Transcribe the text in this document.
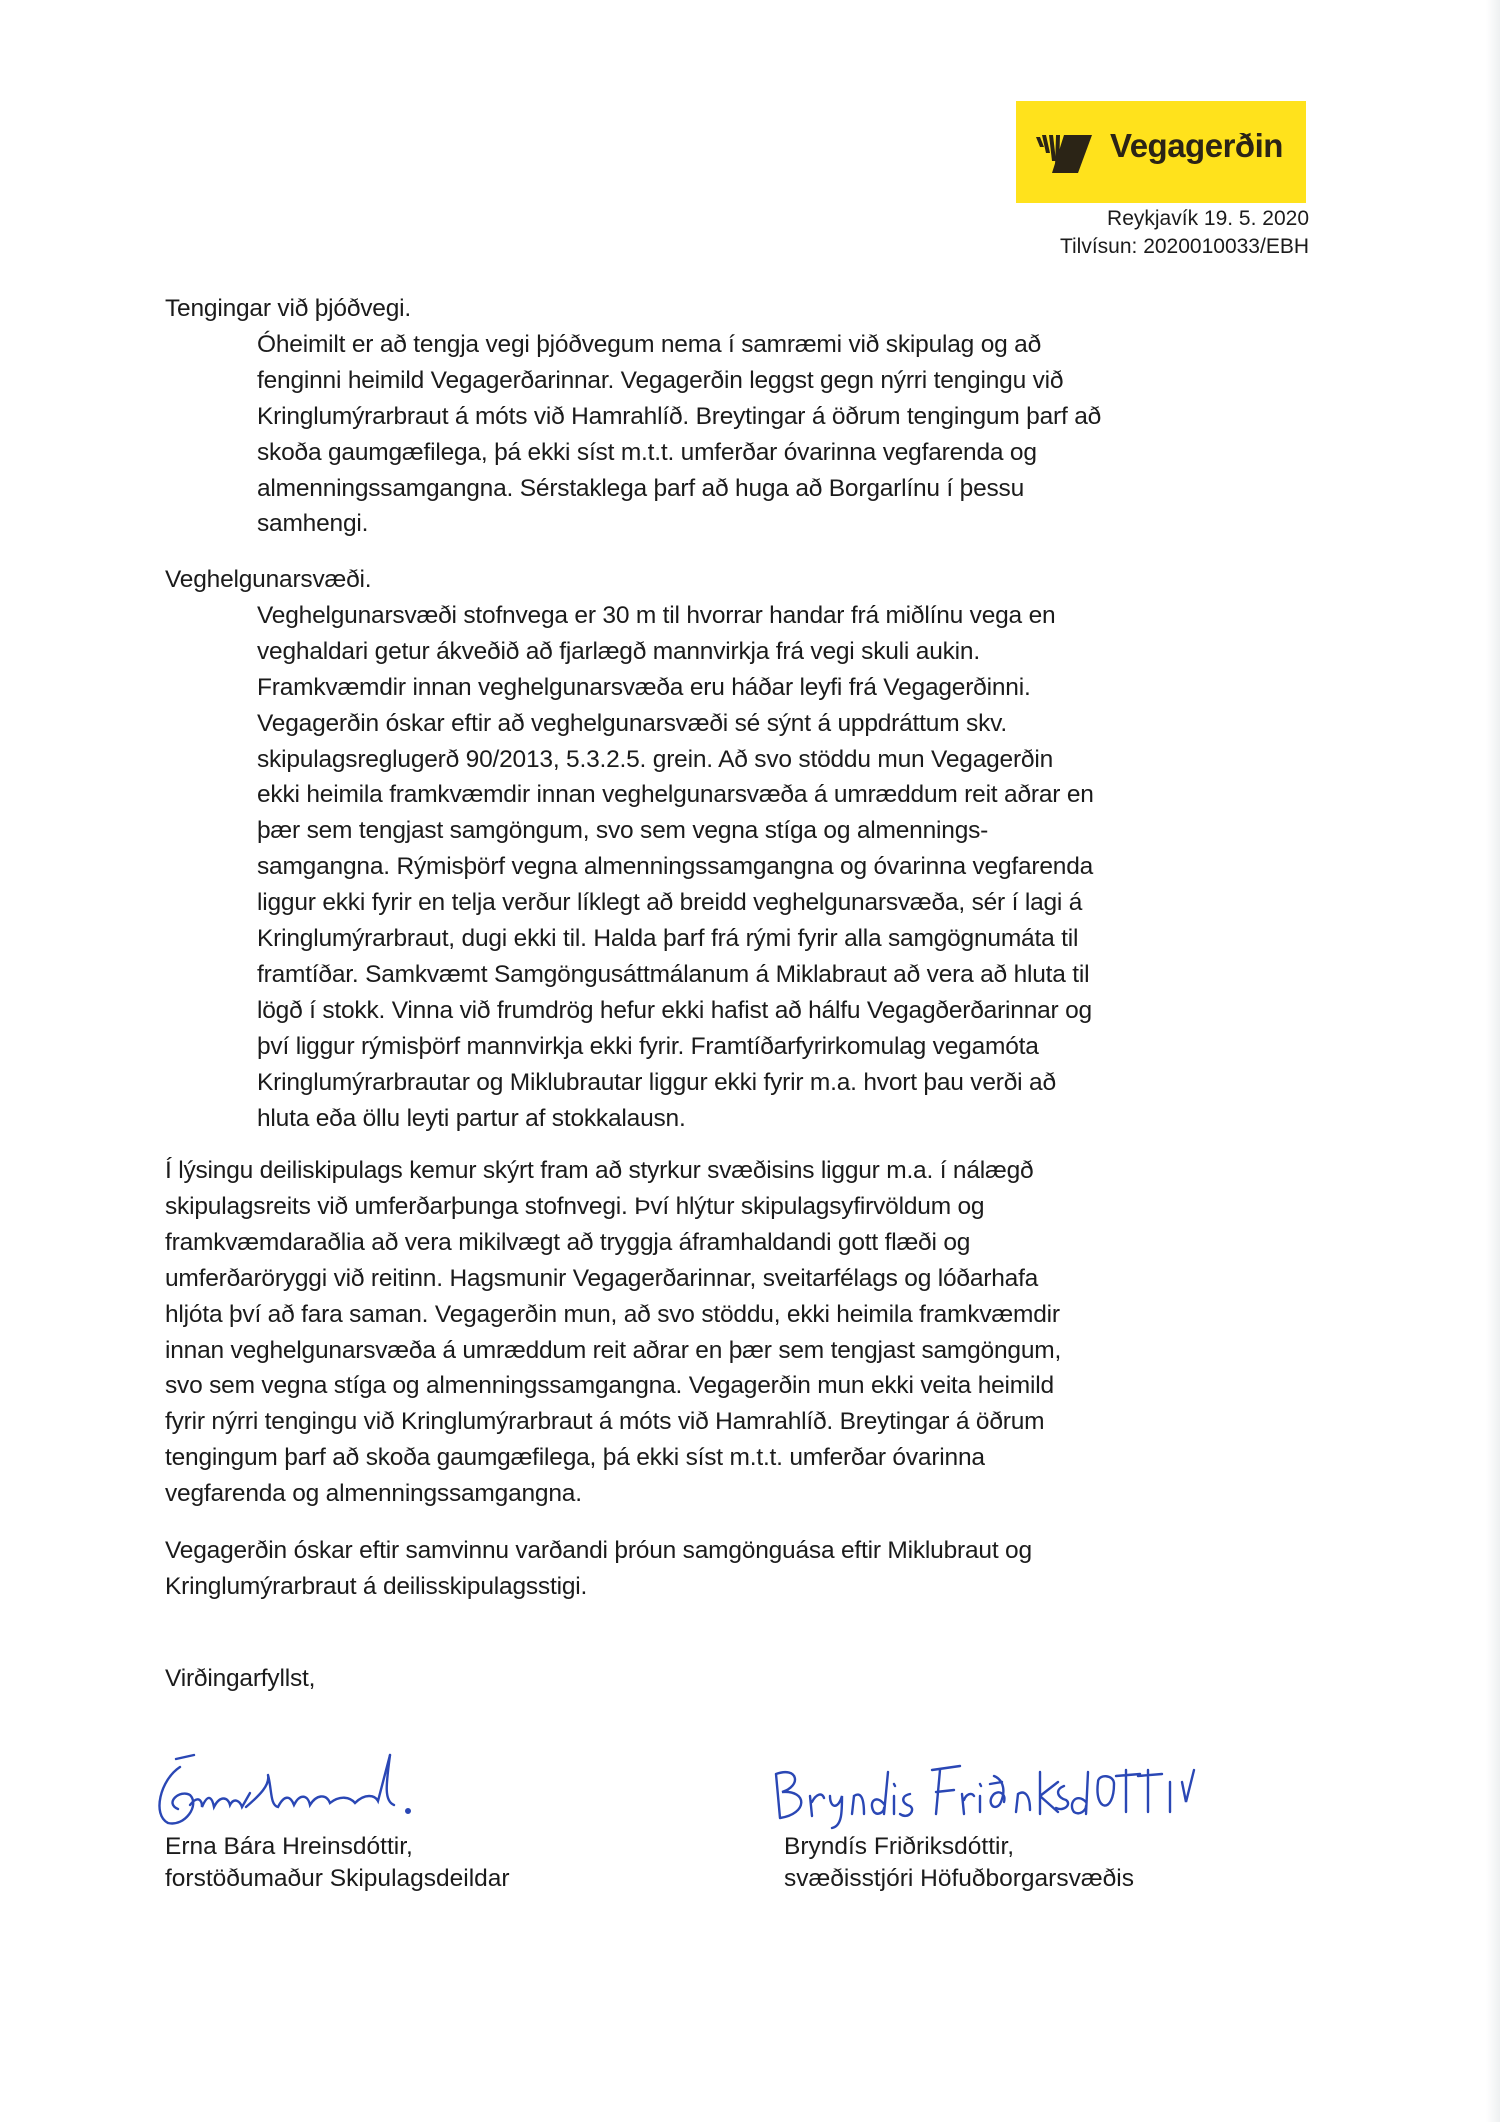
Vegagerðin
Reykjavík 19. 5. 2020
Tilvísun: 2020010033/EBH
Tengingar við þjóðvegi.
Óheimilt er að tengja vegi þjóðvegum nema í samræmi við skipulag og að
fenginni heimild Vegagerðarinnar. Vegagerðin leggst gegn nýrri tengingu við
Kringlumýrarbraut á móts við Hamrahlíð. Breytingar á öðrum tengingum þarf að
skoða gaumgæfilega, þá ekki síst m.t.t. umferðar óvarinna vegfarenda og
almenningssamgangna. Sérstaklega þarf að huga að Borgarlínu í þessu
samhengi.
Veghelgunarsvæði.
Veghelgunarsvæði stofnvega er 30 m til hvorrar handar frá miðlínu vega en
veghaldari getur ákveðið að fjarlægð mannvirkja frá vegi skuli aukin.
Framkvæmdir innan veghelgunarsvæða eru háðar leyfi frá Vegagerðinni.
Vegagerðin óskar eftir að veghelgunarsvæði sé sýnt á uppdráttum skv.
skipulagsreglugerð 90/2013, 5.3.2.5. grein. Að svo stöddu mun Vegagerðin
ekki heimila framkvæmdir innan veghelgunarsvæða á umræddum reit aðrar en
þær sem tengjast samgöngum, svo sem vegna stíga og almennings-
samgangna. Rýmisþörf vegna almenningssamgangna og óvarinna vegfarenda
liggur ekki fyrir en telja verður líklegt að breidd veghelgunarsvæða, sér í lagi á
Kringlumýrarbraut, dugi ekki til. Halda þarf frá rými fyrir alla samgögnumáta til
framtíðar. Samkvæmt Samgöngusáttmálanum á Miklabraut að vera að hluta til
lögð í stokk. Vinna við frumdrög hefur ekki hafist að hálfu Vegagðerðarinnar og
því liggur rýmisþörf mannvirkja ekki fyrir. Framtíðarfyrirkomulag vegamóta
Kringlumýrarbrautar og Miklubrautar liggur ekki fyrir m.a. hvort þau verði að
hluta eða öllu leyti partur af stokkalausn.
Í lýsingu deiliskipulags kemur skýrt fram að styrkur svæðisins liggur m.a. í nálægð
skipulagsreits við umferðarþunga stofnvegi. Því hlýtur skipulagsyfirvöldum og
framkvæmdaraðlia að vera mikilvægt að tryggja áframhaldandi gott flæði og
umferðaröryggi við reitinn. Hagsmunir Vegagerðarinnar, sveitarfélags og lóðarhafa
hljóta því að fara saman. Vegagerðin mun, að svo stöddu, ekki heimila framkvæmdir
innan veghelgunarsvæða á umræddum reit aðrar en þær sem tengjast samgöngum,
svo sem vegna stíga og almenningssamgangna. Vegagerðin mun ekki veita heimild
fyrir nýrri tengingu við Kringlumýrarbraut á móts við Hamrahlíð. Breytingar á öðrum
tengingum þarf að skoða gaumgæfilega, þá ekki síst m.t.t. umferðar óvarinna
vegfarenda og almenningssamgangna.
Vegagerðin óskar eftir samvinnu varðandi þróun samgönguása eftir Miklubraut og
Kringlumýrarbraut á deilisskipulagsstigi.
Virðingarfyllst,
Erna Bára Hreinsdóttir,
forstöðumaður Skipulagsdeildar
Bryndís Friðriksdóttir,
svæðisstjóri Höfuðborgarsvæðis
